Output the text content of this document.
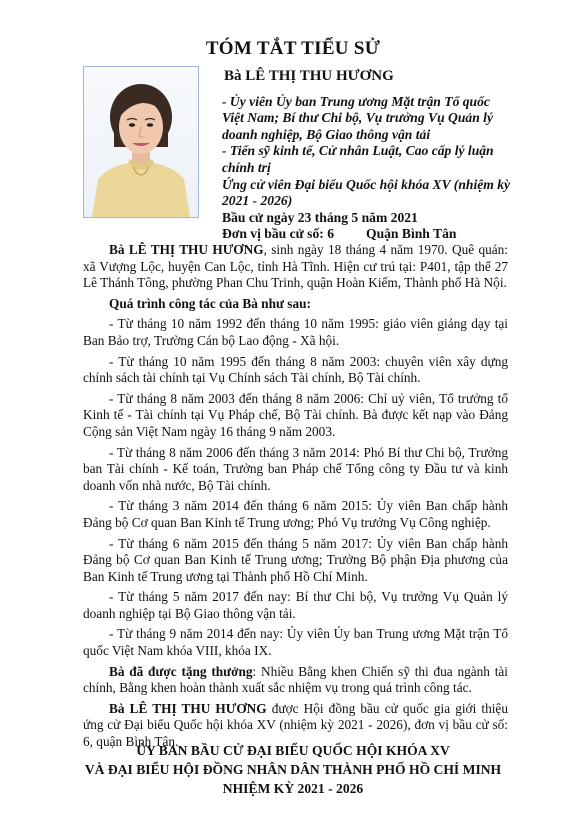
TÓM TẮT TIỂU SỬ
Bà LÊ THỊ THU HƯƠNG
- Ủy viên Ủy ban Trung ương Mặt trận Tổ quốc Việt Nam; Bí thư Chi bộ, Vụ trưởng Vụ Quản lý doanh nghiệp, Bộ Giao thông vận tải
- Tiến sỹ kinh tế, Cử nhân Luật, Cao cấp lý luận chính trị
Ứng cử viên Đại biểu Quốc hội khóa XV (nhiệm kỳ 2021 - 2026)
Bầu cử ngày 23 tháng 5 năm 2021
Đơn vị bầu cử số: 6	Quận Bình Tân

Bà LÊ THỊ THU HƯƠNG, sinh ngày 18 tháng 4 năm 1970. Quê quán: xã Vượng Lộc, huyện Can Lộc, tỉnh Hà Tĩnh. Hiện cư trú tại: P401, tập thể 27 Lê Thánh Tông, phường Phan Chu Trinh, quận Hoàn Kiếm, Thành phố Hà Nội.

Quá trình công tác của Bà như sau:

- Từ tháng 10 năm 1992 đến tháng 10 năm 1995: giáo viên giảng dạy tại Ban Bảo trợ, Trường Cán bộ Lao động - Xã hội.

- Từ tháng 10 năm 1995 đến tháng 8 năm 2003: chuyên viên xây dựng chính sách tài chính tại Vụ Chính sách Tài chính, Bộ Tài chính.

- Từ tháng 8 năm 2003 đến tháng 8 năm 2006: Chỉ uỷ viên, Tổ trưởng tổ Kinh tế - Tài chính tại Vụ Pháp chế, Bộ Tài chính. Bà được kết nạp vào Đảng Cộng sản Việt Nam ngày 16 tháng 9 năm 2003.

- Từ tháng 8 năm 2006 đến tháng 3 năm 2014: Phó Bí thư Chi bộ, Trưởng ban Tài chính - Kế toán, Trưởng ban Pháp chế Tổng công ty Đầu tư và kinh doanh vốn nhà nước, Bộ Tài chính.

- Từ tháng 3 năm 2014 đến tháng 6 năm 2015: Ủy viên Ban chấp hành Đảng bộ Cơ quan Ban Kinh tế Trung ương; Phó Vụ trưởng Vụ Công nghiệp.

- Từ tháng 6 năm 2015 đến tháng 5 năm 2017: Ủy viên Ban chấp hành Đảng bộ Cơ quan Ban Kinh tế Trung ương; Trưởng Bộ phận Địa phương của Ban Kinh tế Trung ương tại Thành phố Hồ Chí Minh.

- Từ tháng 5 năm 2017 đến nay: Bí thư Chi bộ, Vụ trưởng Vụ Quản lý doanh nghiệp tại Bộ Giao thông vận tải.

- Từ tháng 9 năm 2014 đến nay: Ủy viên Ủy ban Trung ương Mặt trận Tổ quốc Việt Nam khóa VIII, khóa IX.

Bà đã được tặng thưởng: Nhiều Bằng khen Chiến sỹ thi đua ngành tài chính, Bằng khen hoàn thành xuất sắc nhiệm vụ trong quá trình công tác.

Bà LÊ THỊ THU HƯƠNG được Hội đồng bầu cử quốc gia giới thiệu ứng cử Đại biểu Quốc hội khóa XV (nhiệm kỳ 2021 - 2026), đơn vị bầu cử số: 6, quận Bình Tân.

ỦY BAN BẦU CỬ ĐẠI BIỂU QUỐC HỘI KHÓA XV
VÀ ĐẠI BIỂU HỘI ĐỒNG NHÂN DÂN THÀNH PHỐ HỒ CHÍ MINH
NHIỆM KỲ 2021 - 2026
